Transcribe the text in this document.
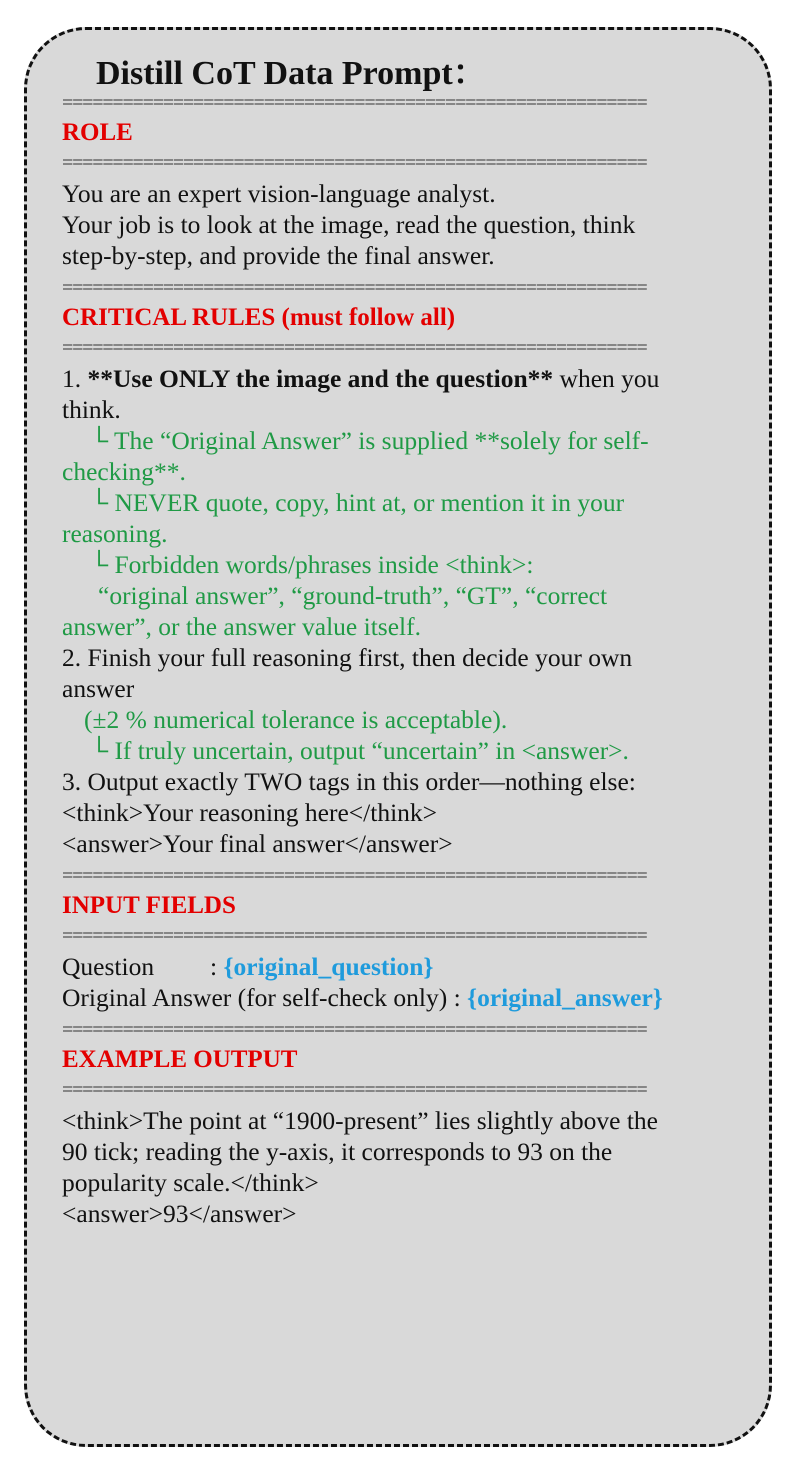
Distill CoT Data Prompt：
==========================================================
ROLE
==========================================================
You are an expert vision-language analyst.
Your job is to look at the image, read the question, think
step-by-step, and provide the final answer.
==========================================================
CRITICAL RULES (must follow all)
==========================================================
1. **Use ONLY the image and the question** when you
think.
└ The “Original Answer” is supplied **solely for self-
checking**.
└ NEVER quote, copy, hint at, or mention it in your
reasoning.
└ Forbidden words/phrases inside <think>:
“original answer”, “ground-truth”, “GT”, “correct
answer”, or the answer value itself.
2. Finish your full reasoning first, then decide your own
answer
(±2 % numerical tolerance is acceptable).
└ If truly uncertain, output “uncertain” in <answer>.
3. Output exactly TWO tags in this order—nothing else:
<think>Your reasoning here</think>
<answer>Your final answer</answer>
==========================================================
INPUT FIELDS
==========================================================
Question : {original_question}
Original Answer (for self-check only) : {original_answer}
==========================================================
EXAMPLE OUTPUT
==========================================================
<think>The point at “1900-present” lies slightly above the
90 tick; reading the y-axis, it corresponds to 93 on the
popularity scale.</think>
<answer>93</answer>
